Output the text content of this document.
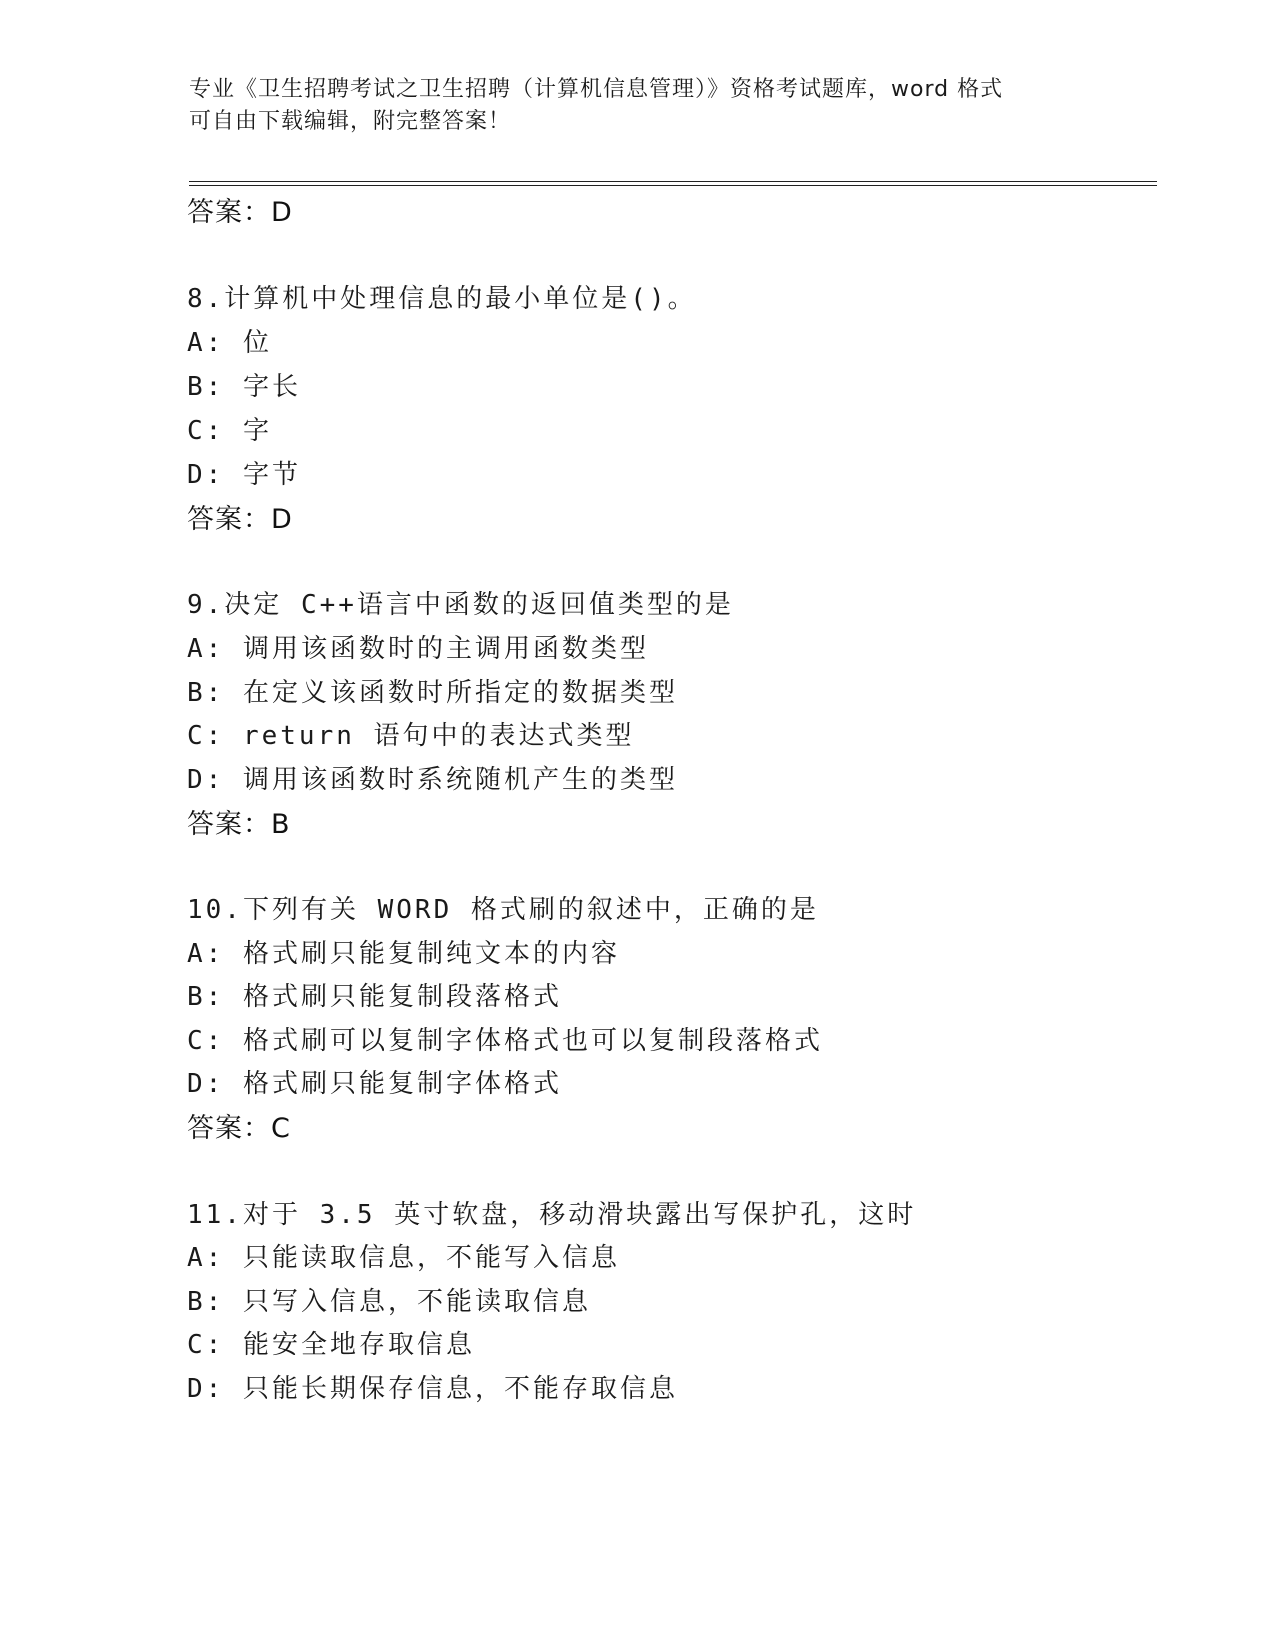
专业《卫生招聘考试之卫生招聘（计算机信息管理）》资格考试题库，word 格式
可自由下载编辑，附完整答案！
答案：D
8.计算机中处理信息的最小单位是()。
A: 位
B: 字长
C: 字
D: 字节
答案：D
9.决定 C++语言中函数的返回值类型的是
A: 调用该函数时的主调用函数类型
B: 在定义该函数时所指定的数据类型
C: return 语句中的表达式类型
D: 调用该函数时系统随机产生的类型
答案：B
10.下列有关 WORD 格式刷的叙述中，正确的是
A: 格式刷只能复制纯文本的内容
B: 格式刷只能复制段落格式
C: 格式刷可以复制字体格式也可以复制段落格式
D: 格式刷只能复制字体格式
答案：C
11.对于 3.5 英寸软盘，移动滑块露出写保护孔，这时
A: 只能读取信息，不能写入信息
B: 只写入信息，不能读取信息
C: 能安全地存取信息
D: 只能长期保存信息，不能存取信息
